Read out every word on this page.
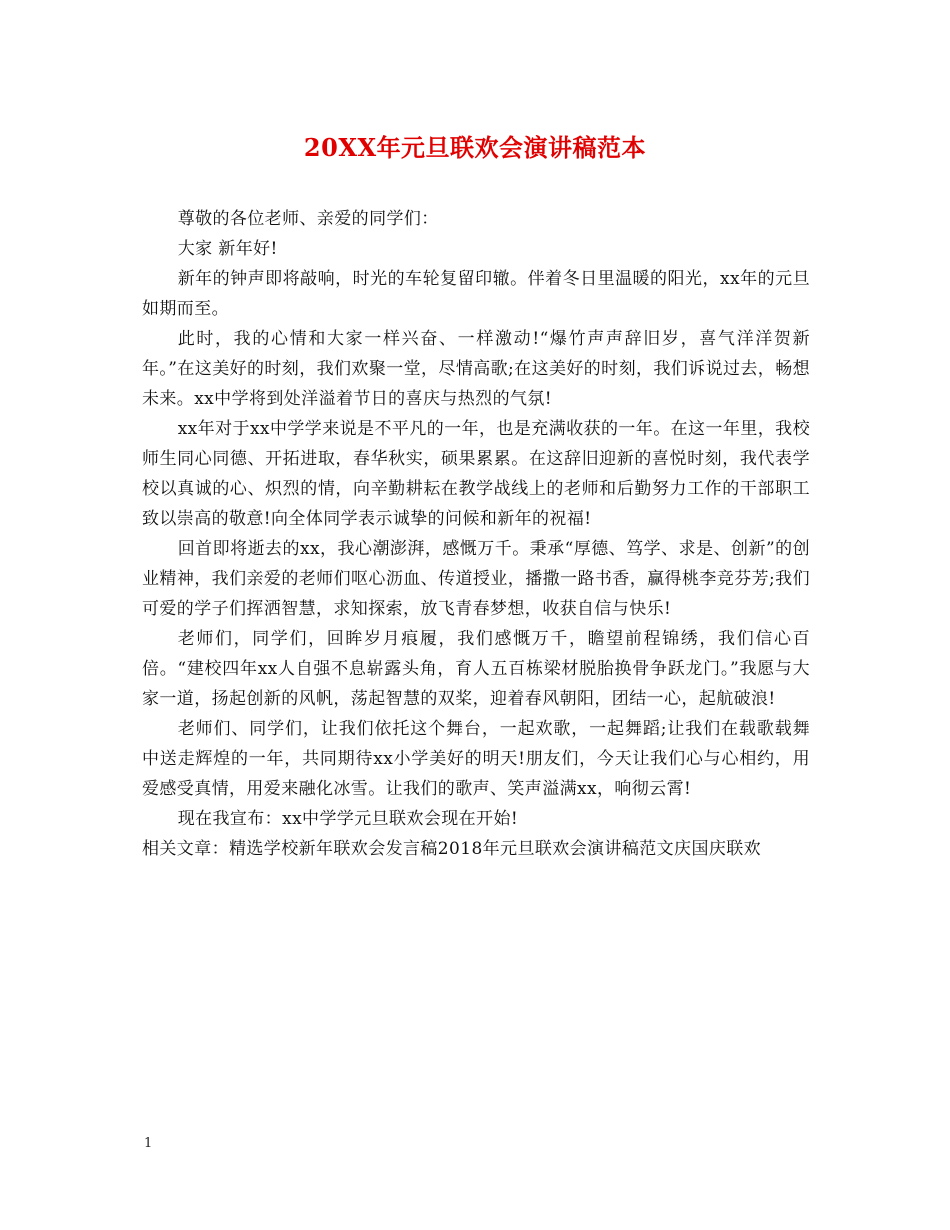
20XX年元旦联欢会演讲稿范本

尊敬的各位老师、亲爱的同学们：

大家 新年好!

新年的钟声即将敲响，时光的车轮复留印辙。伴着冬日里温暖的阳光，xx年的元旦如期而至。

此时，我的心情和大家一样兴奋、一样激动!“爆竹声声辞旧岁，喜气洋洋贺新年。”在这美好的时刻，我们欢聚一堂，尽情高歌;在这美好的时刻，我们诉说过去，畅想未来。xx中学将到处洋溢着节日的喜庆与热烈的气氛!

xx年对于xx中学学来说是不平凡的一年，也是充满收获的一年。在这一年里，我校师生同心同德、开拓进取，春华秋实，硕果累累。在这辞旧迎新的喜悦时刻，我代表学校以真诚的心、炽烈的情，向辛勤耕耘在教学战线上的老师和后勤努力工作的干部职工致以崇高的敬意!向全体同学表示诚挚的问候和新年的祝福!

回首即将逝去的xx，我心潮澎湃，感慨万千。秉承“厚德、笃学、求是、创新”的创业精神，我们亲爱的老师们呕心沥血、传道授业，播撒一路书香，赢得桃李竞芬芳;我们可爱的学子们挥洒智慧，求知探索，放飞青春梦想，收获自信与快乐!

老师们，同学们，回眸岁月痕履，我们感慨万千，瞻望前程锦绣，我们信心百倍。“建校四年xx人自强不息崭露头角，育人五百栋梁材脱胎换骨争跃龙门。”我愿与大家一道，扬起创新的风帆，荡起智慧的双桨，迎着春风朝阳，团结一心，起航破浪!

老师们、同学们，让我们依托这个舞台，一起欢歌，一起舞蹈;让我们在载歌载舞中送走辉煌的一年，共同期待xx小学美好的明天!朋友们，今天让我们心与心相约，用爱感受真情，用爱来融化冰雪。让我们的歌声、笑声溢满xx，响彻云霄!

现在我宣布：xx中学学元旦联欢会现在开始!

相关文章：精选学校新年联欢会发言稿2018年元旦联欢会演讲稿范文庆国庆联欢

1
